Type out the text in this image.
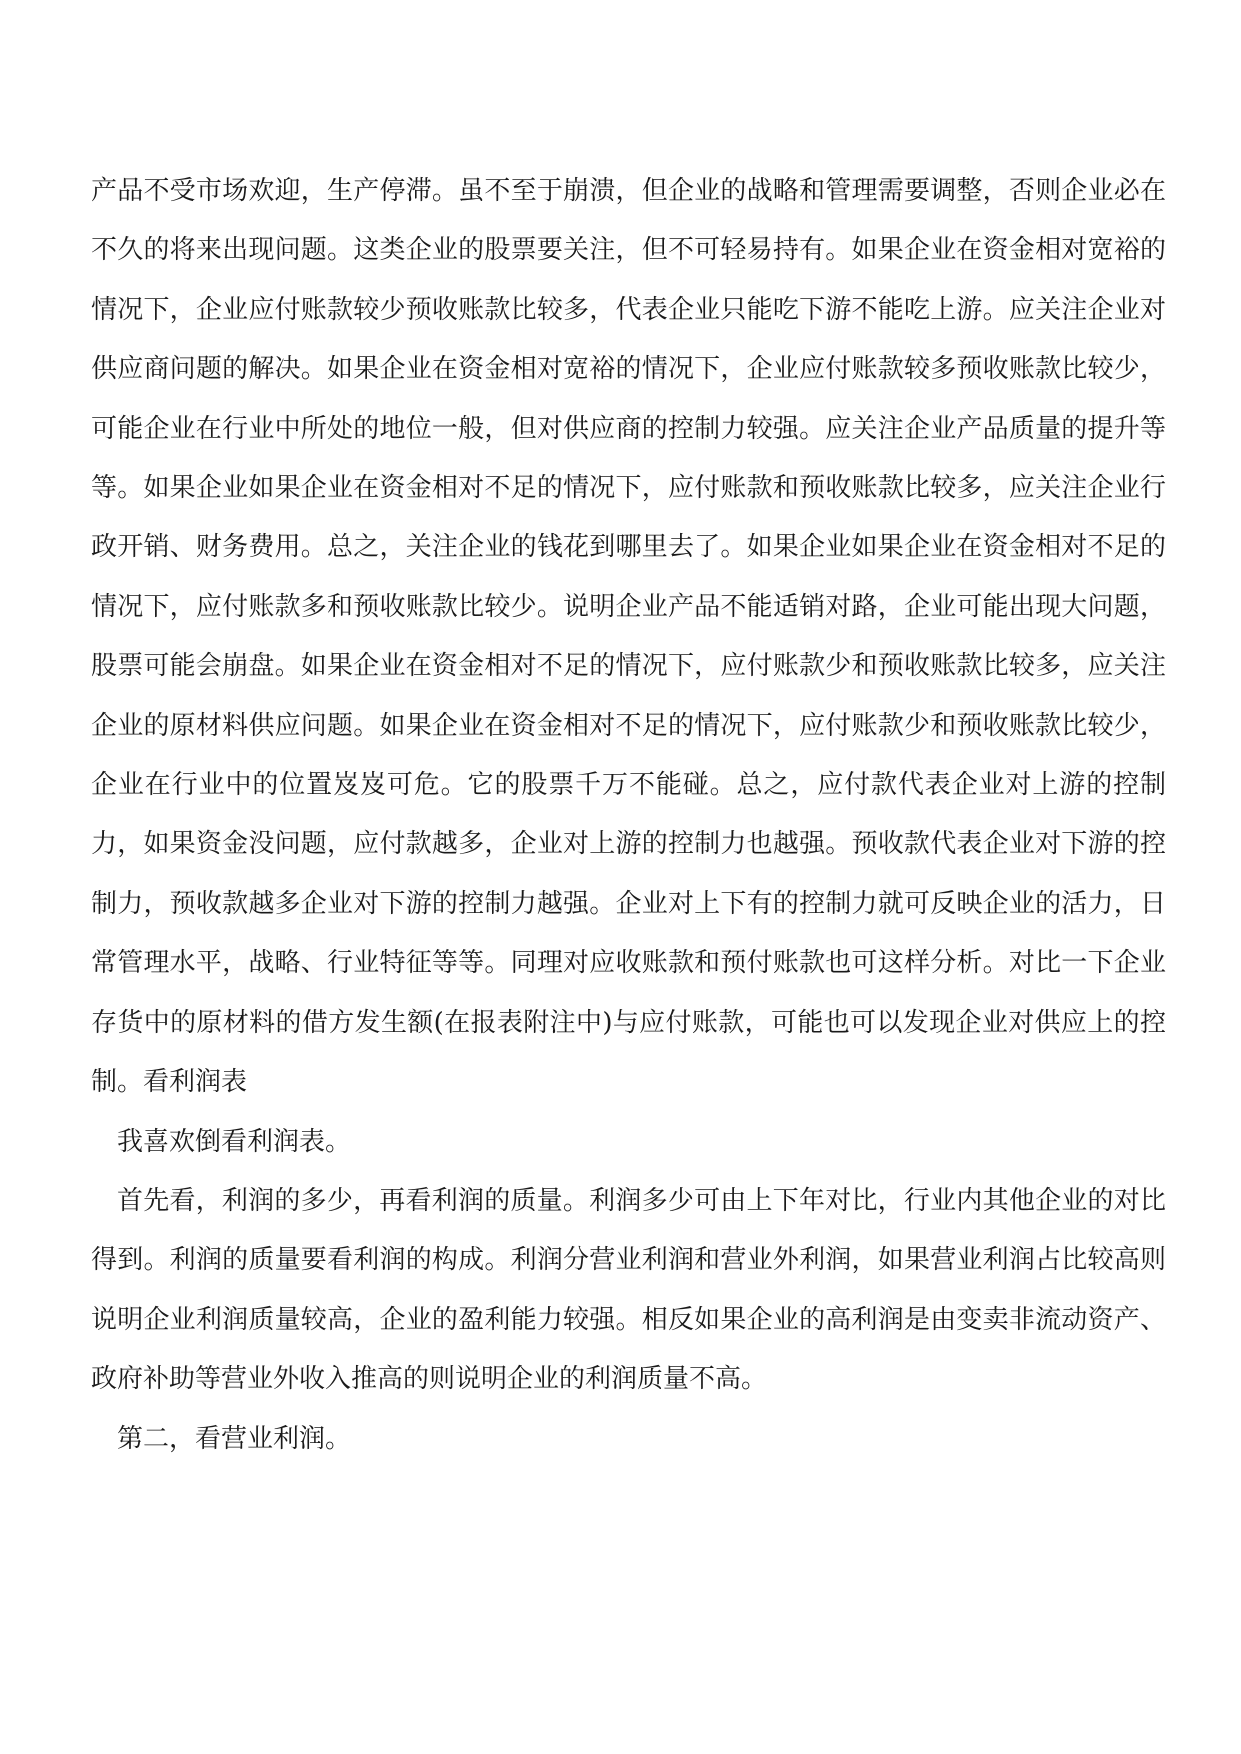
产品不受市场欢迎，生产停滞。虽不至于崩溃，但企业的战略和管理需要调整，否则企业必在不久的将来出现问题。这类企业的股票要关注，但不可轻易持有。如果企业在资金相对宽裕的情况下，企业应付账款较少预收账款比较多，代表企业只能吃下游不能吃上游。应关注企业对供应商问题的解决。如果企业在资金相对宽裕的情况下，企业应付账款较多预收账款比较少，可能企业在行业中所处的地位一般，但对供应商的控制力较强。应关注企业产品质量的提升等等。如果企业如果企业在资金相对不足的情况下，应付账款和预收账款比较多，应关注企业行政开销、财务费用。总之，关注企业的钱花到哪里去了。如果企业如果企业在资金相对不足的情况下，应付账款多和预收账款比较少。说明企业产品不能适销对路，企业可能出现大问题，股票可能会崩盘。如果企业在资金相对不足的情况下，应付账款少和预收账款比较多，应关注企业的原材料供应问题。如果企业在资金相对不足的情况下，应付账款少和预收账款比较少，企业在行业中的位置岌岌可危。它的股票千万不能碰。总之，应付款代表企业对上游的控制力，如果资金没问题，应付款越多，企业对上游的控制力也越强。预收款代表企业对下游的控制力，预收款越多企业对下游的控制力越强。企业对上下有的控制力就可反映企业的活力，日常管理水平，战略、行业特征等等。同理对应收账款和预付账款也可这样分析。对比一下企业存货中的原材料的借方发生额(在报表附注中)与应付账款，可能也可以发现企业对供应上的控制。看利润表

我喜欢倒看利润表。

首先看，利润的多少，再看利润的质量。利润多少可由上下年对比，行业内其他企业的对比得到。利润的质量要看利润的构成。利润分营业利润和营业外利润，如果营业利润占比较高则说明企业利润质量较高，企业的盈利能力较强。相反如果企业的高利润是由变卖非流动资产、政府补助等营业外收入推高的则说明企业的利润质量不高。

第二，看营业利润。
